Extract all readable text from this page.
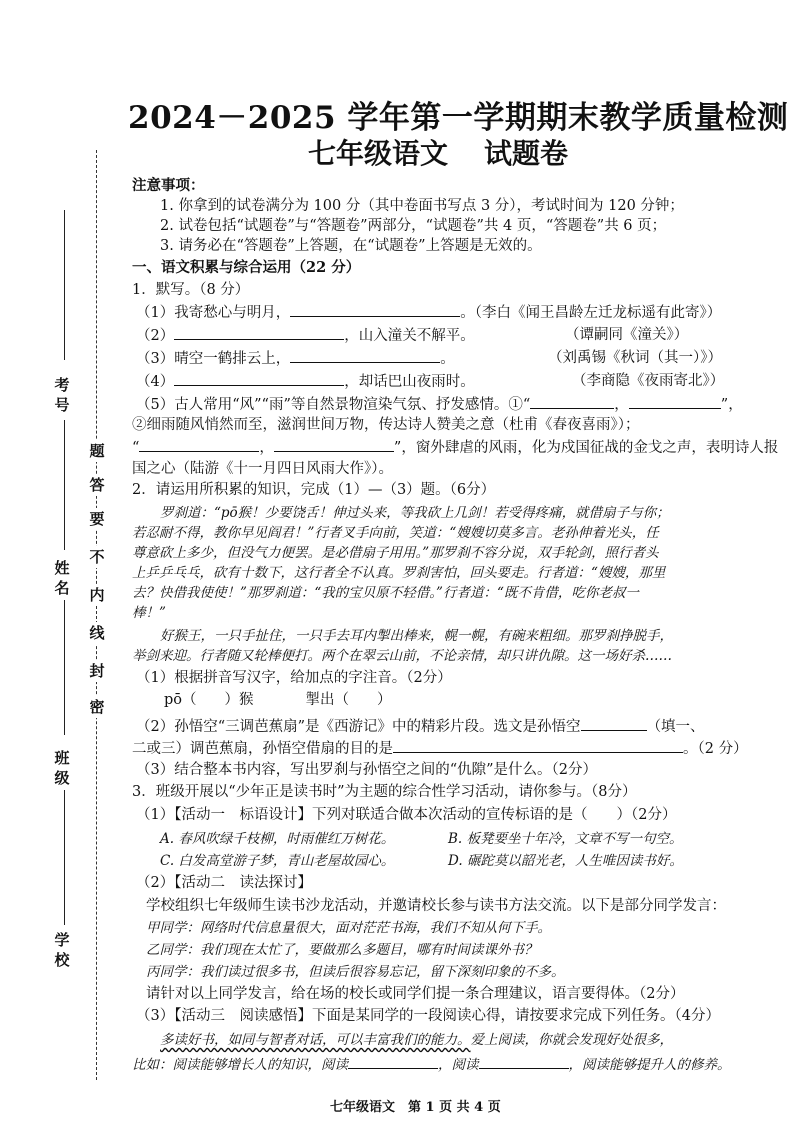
题
答
要
不
内
线
封
密
考号
姓名
班级
学校
2024－2025 学年第一学期期末教学质量检测
七年级语文 试题卷
注意事项：
1. 你拿到的试卷满分为 100 分（其中卷面书写点 3 分），考试时间为 120 分钟；
2. 试卷包括“试题卷”与“答题卷”两部分，“试题卷”共 4 页，“答题卷”共 6 页；
3. 请务必在“答题卷”上答题，在“试题卷”上答题是无效的。
一、语文积累与综合运用（22 分）
1．默写。（8 分）
（1）我寄愁心与明月，	。（李白《闻王昌龄左迁龙标遥有此寄》）
（2）	，山入潼关不解平。	（谭嗣同《潼关》）
（3）晴空一鹤排云上，	。	（刘禹锡《秋词（其一）》）
（4）	，却话巴山夜雨时。	（李商隐《夜雨寄北》）
（5）古人常用“风”“雨”等自然景物渲染气氛、抒发感情。①“	，	”，
②细雨随风悄然而至，滋润世间万物，传达诗人赞美之意（杜甫《春夜喜雨》）；
“	，	”，窗外肆虐的风雨，化为戍国征战的金戈之声，表明诗人报
国之心（陆游《十一月四日风雨大作》）。
2．请运用所积累的知识，完成（1）—（3）题。（6分）
罗刹道：“pō猴！少要饶舌！伸过头来，等我砍上几剑！若受得疼痛，就借扇子与你；
若忍耐不得，教你早见阎君！”行者叉手向前，笑道：“嫂嫂切莫多言。老孙伸着光头，任
尊意砍上多少，但没气力便罢。是必借扇子用用。”那罗刹不容分说，双手轮剑，照行者头
上乒乒乓乓，砍有十数下，这行者全不认真。罗刹害怕，回头要走。行者道：“嫂嫂，那里
去？快借我使使！”那罗刹道：“我的宝贝原不轻借。”行者道：“既不肯借，吃你老叔一
棒！”
好猴王，一只手扯住，一只手去耳内掣出棒来，幌一幌，有碗来粗细。那罗刹挣脱手，
举剑来迎。行者随又轮棒便打。两个在翠云山前，不论亲情，却只讲仇隙。这一场好杀……
（1）根据拼音写汉字，给加点的字注音。（2分）
pō（ ）猴	掣出（ ）
（2）孙悟空“三调芭蕉扇”是《西游记》中的精彩片段。选文是孙悟空	（填一、
二或三）调芭蕉扇，孙悟空借扇的目的是	。（2 分）
（3）结合整本书内容，写出罗刹与孙悟空之间的“仇隙”是什么。（2分）
3．班级开展以“少年正是读书时”为主题的综合性学习活动，请你参与。（8分）
（1）【活动一　标语设计】下列对联适合做本次活动的宣传标语的是（　　）（2分）
A. 春风吹绿千枝柳，时雨催红万树花。	B. 板凳要坐十年冷，文章不写一句空。
C. 白发高堂游子梦，青山老屋故园心。	D. 碾跎莫以韶光老，人生唯因读书好。
（2）【活动二　读法探讨】
学校组织七年级师生读书沙龙活动，并邀请校长参与读书方法交流。以下是部分同学发言：
甲同学：网络时代信息量很大，面对茫茫书海，我们不知从何下手。
乙同学：我们现在太忙了，要做那么多题目，哪有时间读课外书？
丙同学：我们读过很多书，但读后很容易忘记，留下深刻印象的不多。
请针对以上同学发言，给在场的校长或同学们提一条合理建议，语言要得体。（2分）
（3）【活动三　阅读感悟】下面是某同学的一段阅读心得，请按要求完成下列任务。（4分）
七年级语文　第 1 页 共 4 页
多读好书，如同与智者对话，可以丰富我们的能力。爱上阅读，你就会发现好处很多，
比如：阅读能够增长人的知识，阅读	，阅读	，阅读能够提升人的修养。
